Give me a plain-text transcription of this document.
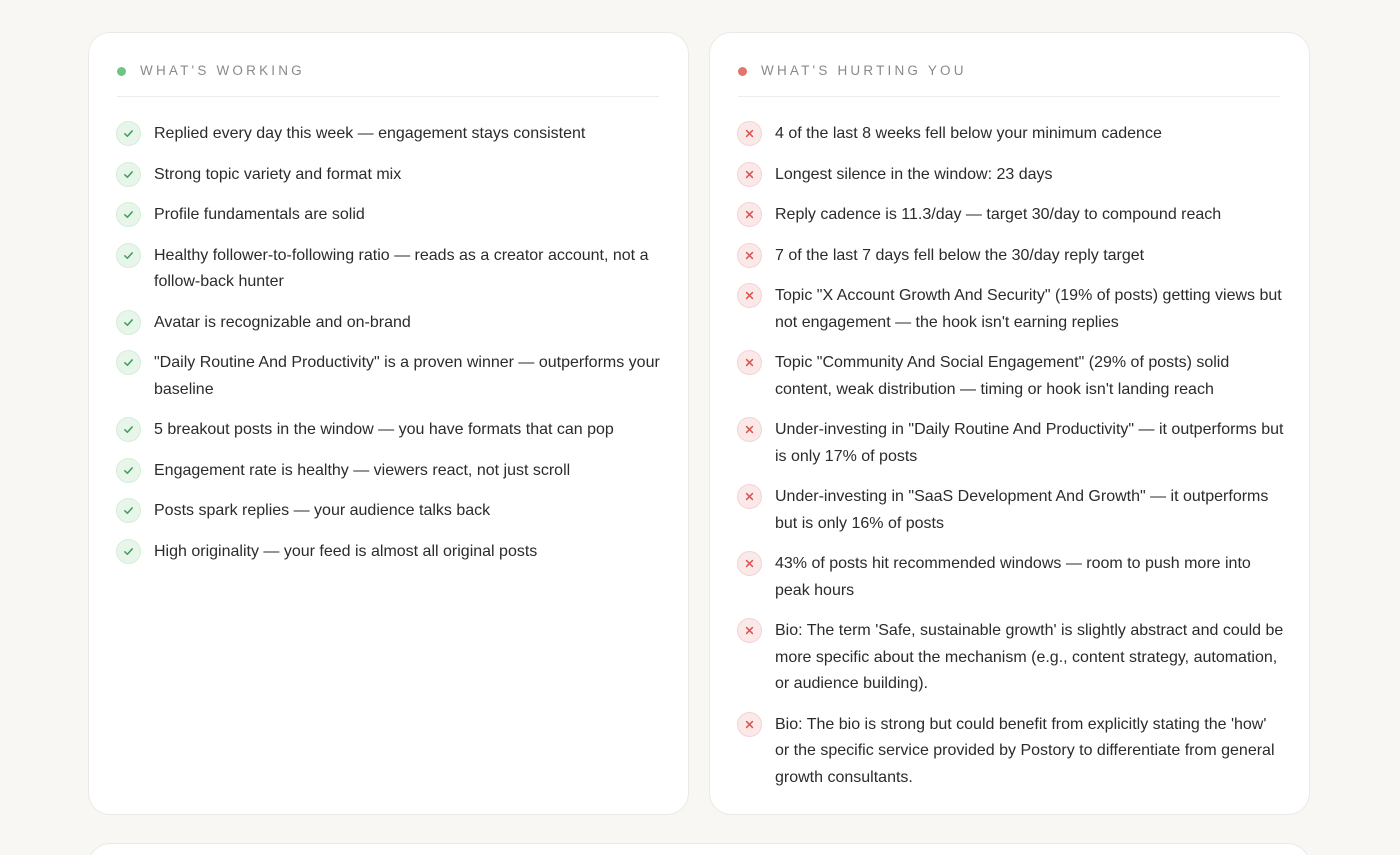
WHAT'S WORKING
Replied every day this week — engagement stays consistent
Strong topic variety and format mix
Profile fundamentals are solid
Healthy follower-to-following ratio — reads as a creator account, not a follow-back hunter
Avatar is recognizable and on-brand
"Daily Routine And Productivity" is a proven winner — outperforms your baseline
5 breakout posts in the window — you have formats that can pop
Engagement rate is healthy — viewers react, not just scroll
Posts spark replies — your audience talks back
High originality — your feed is almost all original posts
WHAT'S HURTING YOU
4 of the last 8 weeks fell below your minimum cadence
Longest silence in the window: 23 days
Reply cadence is 11.3/day — target 30/day to compound reach
7 of the last 7 days fell below the 30/day reply target
Topic "X Account Growth And Security" (19% of posts) getting views but not engagement — the hook isn't earning replies
Topic "Community And Social Engagement" (29% of posts) solid content, weak distribution — timing or hook isn't landing reach
Under-investing in "Daily Routine And Productivity" — it outperforms but is only 17% of posts
Under-investing in "SaaS Development And Growth" — it outperforms but is only 16% of posts
43% of posts hit recommended windows — room to push more into peak hours
Bio: The term 'Safe, sustainable growth' is slightly abstract and could be more specific about the mechanism (e.g., content strategy, automation, or audience building).
Bio: The bio is strong but could benefit from explicitly stating the 'how' or the specific service provided by Postory to differentiate from general growth consultants.
